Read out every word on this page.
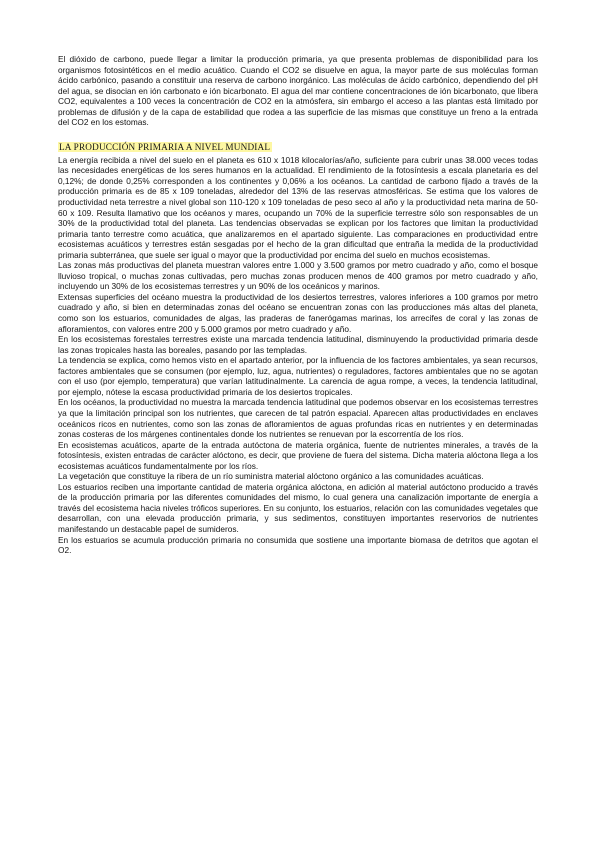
El dióxido de carbono, puede llegar a limitar la producción primaria, ya que presenta problemas de disponibilidad para los organismos fotosintéticos en el medio acuático. Cuando el CO2 se disuelve en agua, la mayor parte de sus moléculas forman ácido carbónico, pasando a constituir una reserva de carbono inorgánico. Las moléculas de ácido carbónico, dependiendo del pH del agua, se disocian en ión carbonato e ión bicarbonato. El agua del mar contiene concentraciones de ión bicarbonato, que libera CO2, equivalentes a 100 veces la concentración de CO2 en la atmósfera, sin embargo el acceso a las plantas está limitado por problemas de difusión y de la capa de estabilidad que rodea a las superficie de las mismas que constituye un freno a la entrada del CO2 en los estomas.

LA PRODUCCIÓN PRIMARIA A NIVEL MUNDIAL

La energía recibida a nivel del suelo en el planeta es 610 x 1018 kilocalorías/año, suficiente para cubrir unas 38.000 veces todas las necesidades energéticas de los seres humanos en la actualidad. El rendimiento de la fotosíntesis a escala planetaria es del 0,12%; de donde 0,25% corresponden a los continentes y 0,06% a los océanos. La cantidad de carbono fijado a través de la producción primaria es de 85 x 109 toneladas, alrededor del 13% de las reservas atmosféricas. Se estima que los valores de productividad neta terrestre a nivel global son 110-120 x 109 toneladas de peso seco al año y la productividad neta marina de 50-60 x 109. Resulta llamativo que los océanos y mares, ocupando un 70% de la superficie terrestre sólo son responsables de un 30% de la productividad total del planeta. Las tendencias observadas se explican por los factores que limitan la productividad primaria tanto terrestre como acuática, que analizaremos en el apartado siguiente. Las comparaciones en productividad entre ecosistemas acuáticos y terrestres están sesgadas por el hecho de la gran dificultad que entraña la medida de la productividad primaria subterránea, que suele ser igual o mayor que la productividad por encima del suelo en muchos ecosistemas.

Las zonas más productivas del planeta muestran valores entre 1.000 y 3.500 gramos por metro cuadrado y año, como el bosque lluvioso tropical, o muchas zonas cultivadas, pero muchas zonas producen menos de 400 gramos por metro cuadrado y año, incluyendo un 30% de los ecosistemas terrestres y un 90% de los oceánicos y marinos.

Extensas superficies del océano muestra la productividad de los desiertos terrestres, valores inferiores a 100 gramos por metro cuadrado y año, si bien en determinadas zonas del océano se encuentran zonas con las producciones más altas del planeta, como son los estuarios, comunidades de algas, las praderas de fanerógamas marinas, los arrecifes de coral y las zonas de afloramientos, con valores entre 200 y 5.000 gramos por metro cuadrado y año.

En los ecosistemas forestales terrestres existe una marcada tendencia latitudinal, disminuyendo la productividad primaria desde las zonas tropicales hasta las boreales, pasando por las templadas.

La tendencia se explica, como hemos visto en el apartado anterior, por la influencia de los factores ambientales, ya sean recursos, factores ambientales que se consumen (por ejemplo, luz, agua, nutrientes) o reguladores, factores ambientales que no se agotan con el uso (por ejemplo, temperatura) que varían latitudinalmente. La carencia de agua rompe, a veces, la tendencia latitudinal, por ejemplo, nótese la escasa productividad primaria de los desiertos tropicales.

En los océanos, la productividad no muestra la marcada tendencia latitudinal que podemos observar en los ecosistemas terrestres ya que la limitación principal son los nutrientes, que carecen de tal patrón espacial. Aparecen altas productividades en enclaves oceánicos ricos en nutrientes, como son las zonas de afloramientos de aguas profundas ricas en nutrientes y en determinadas zonas costeras de los márgenes continentales donde los nutrientes se renuevan por la escorrentía de los ríos.

En ecosistemas acuáticos, aparte de la entrada autóctona de materia orgánica, fuente de nutrientes minerales, a través de la fotosíntesis, existen entradas de carácter alóctono, es decir, que proviene de fuera del sistema. Dicha materia alóctona llega a los ecosistemas acuáticos fundamentalmente por los ríos.

La vegetación que constituye la ribera de un río suministra material alóctono orgánico a las comunidades acuáticas.

Los estuarios reciben una importante cantidad de materia orgánica alóctona, en adición al material autóctono producido a través de la producción primaria por las diferentes comunidades del mismo, lo cual genera una canalización importante de energía a través del ecosistema hacia niveles tróficos superiores. En su conjunto, los estuarios, relación con las comunidades vegetales que desarrollan, con una elevada producción primaria, y sus sedimentos, constituyen importantes reservorios de nutrientes manifestando un destacable papel de sumideros.

En los estuarios se acumula producción primaria no consumida que sostiene una importante biomasa de detritos que agotan el O2.
